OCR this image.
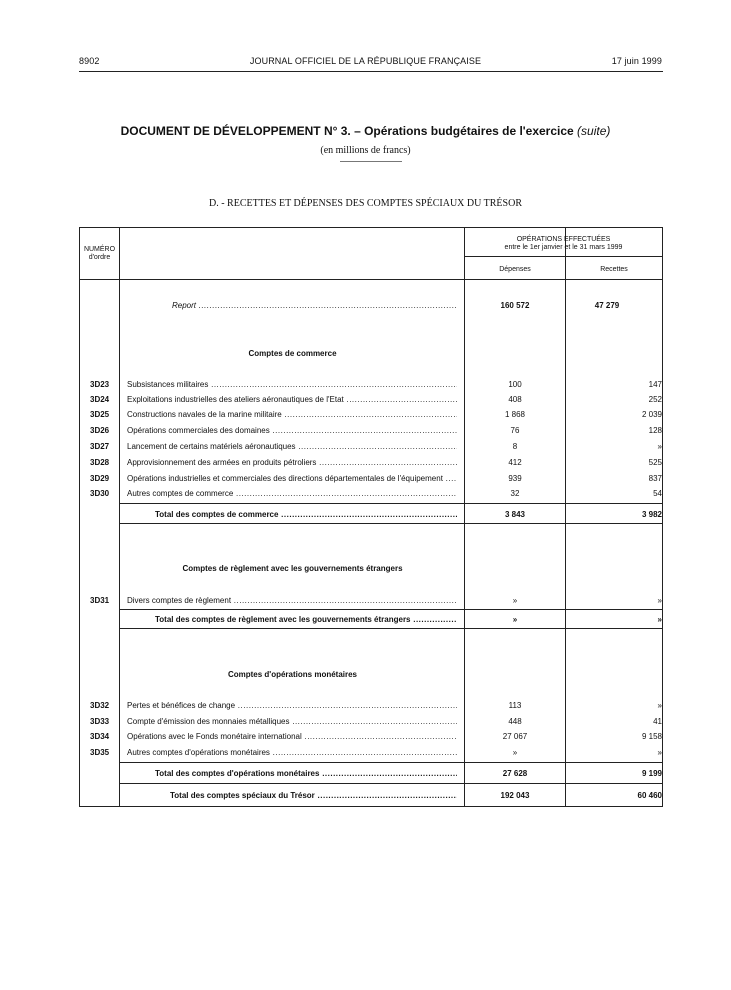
8902	JOURNAL OFFICIEL DE LA RÉPUBLIQUE FRANÇAISE	17 juin 1999
DOCUMENT DE DÉVELOPPEMENT N° 3. – Opérations budgétaires de l'exercice (suite)
(en millions de francs)
D. - RECETTES ET DÉPENSES DES COMPTES SPÉCIAUX DU TRÉSOR
NUMÉRO
d'ordre
OPÉRATIONS EFFECTUÉES
entre le 1er janvier et le 31 mars 1999
Dépenses	Recettes
Report .....	160 572	47 279
Comptes de commerce
3D23 Subsistances militaires .....	100	147
3D24 Exploitations industrielles des ateliers aéronautiques de l'Etat .....	408	252
3D25 Constructions navales de la marine militaire .....	1 868	2 039
3D26 Opérations commerciales des domaines .....	76	128
3D27 Lancement de certains matériels aéronautiques .....	8	»
3D28 Approvisionnement des armées en produits pétroliers .....	412	525
3D29 Opérations industrielles et commerciales des directions départementales de l'équipement .....	939	837
3D30 Autres comptes de commerce .....	32	54
Total des comptes de commerce .....	3 843	3 982
Comptes de règlement avec les gouvernements étrangers
3D31 Divers comptes de règlement .....	»	»
Total des comptes de règlement avec les gouvernements étrangers .....	»	»
Comptes d'opérations monétaires
3D32 Pertes et bénéfices de change .....	113	»
3D33 Compte d'émission des monnaies métalliques .....	448	41
3D34 Opérations avec le Fonds monétaire international .....	27 067	9 158
3D35 Autres comptes d'opérations monétaires .....	»	»
Total des comptes d'opérations monétaires .....	27 628	9 199
Total des comptes spéciaux du Trésor .....	192 043	60 460
